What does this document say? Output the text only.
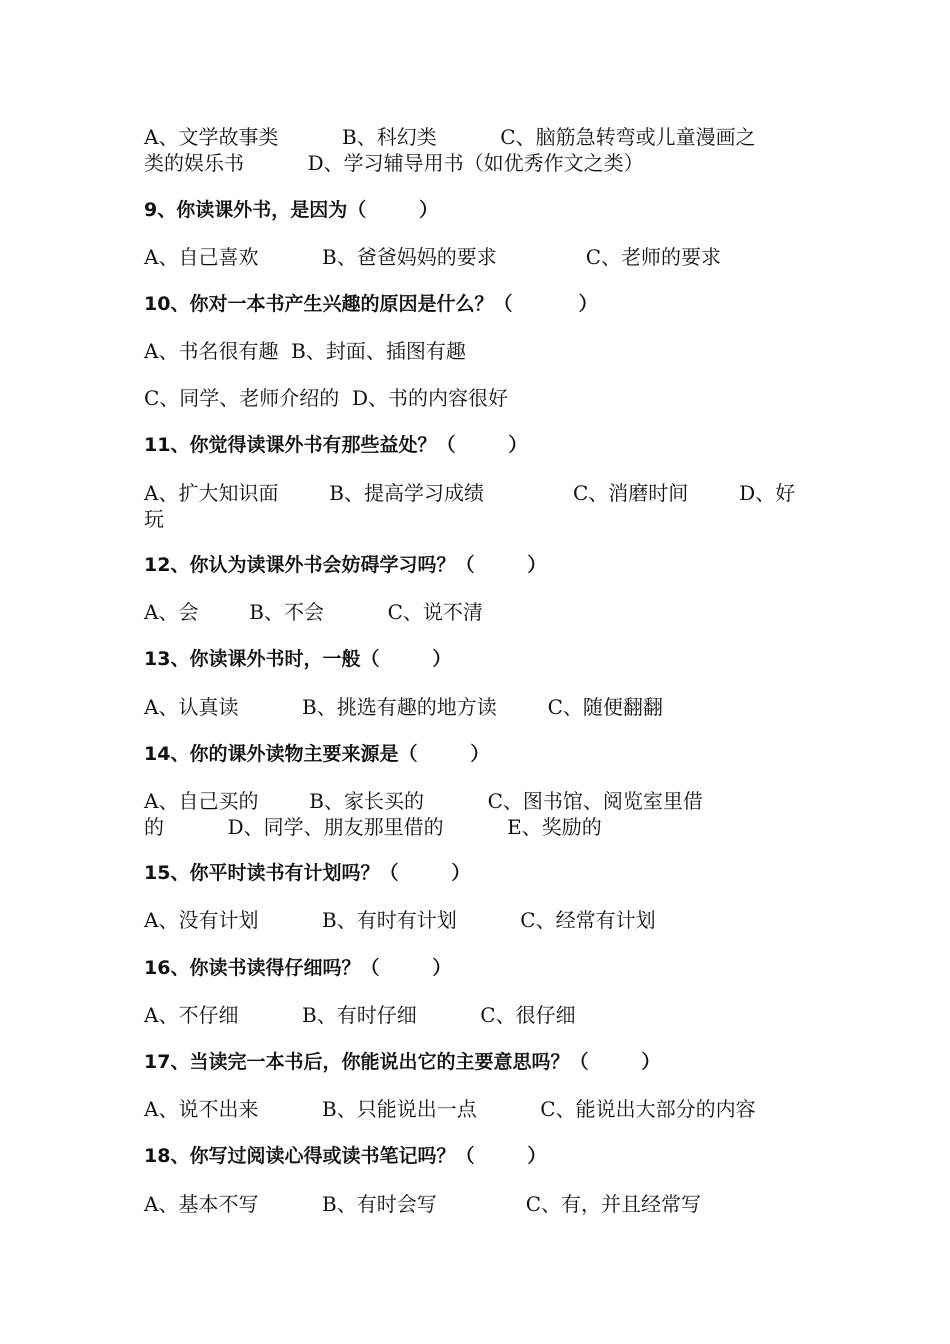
A、文学故事类          B、科幻类          C、脑筋急转弯或儿童漫画之
类的娱乐书          D、学习辅导用书（如优秀作文之类）
9、你读课外书，是因为（        ）
A、自己喜欢          B、爸爸妈妈的要求              C、老师的要求
10、你对一本书产生兴趣的原因是什么？（          ）
A、书名很有趣  B、封面、插图有趣
C、同学、老师介绍的  D、书的内容很好
11、你觉得读课外书有那些益处？（        ）
A、扩大知识面        B、提高学习成绩              C、消磨时间        D、好
玩
12、你认为读课外书会妨碍学习吗？（        ）
A、会        B、不会          C、说不清
13、你读课外书时，一般（        ）
A、认真读          B、挑选有趣的地方读        C、随便翻翻
14、你的课外读物主要来源是（        ）
A、自己买的        B、家长买的          C、图书馆、阅览室里借
的          D、同学、朋友那里借的          E、奖励的
15、你平时读书有计划吗？（        ）
A、没有计划          B、有时有计划          C、经常有计划
16、你读书读得仔细吗？（        ）
A、不仔细          B、有时仔细          C、很仔细
17、当读完一本书后，你能说出它的主要意思吗？（        ）
A、说不出来          B、只能说出一点          C、能说出大部分的内容
18、你写过阅读心得或读书笔记吗？（        ）
A、基本不写          B、有时会写              C、有，并且经常写
